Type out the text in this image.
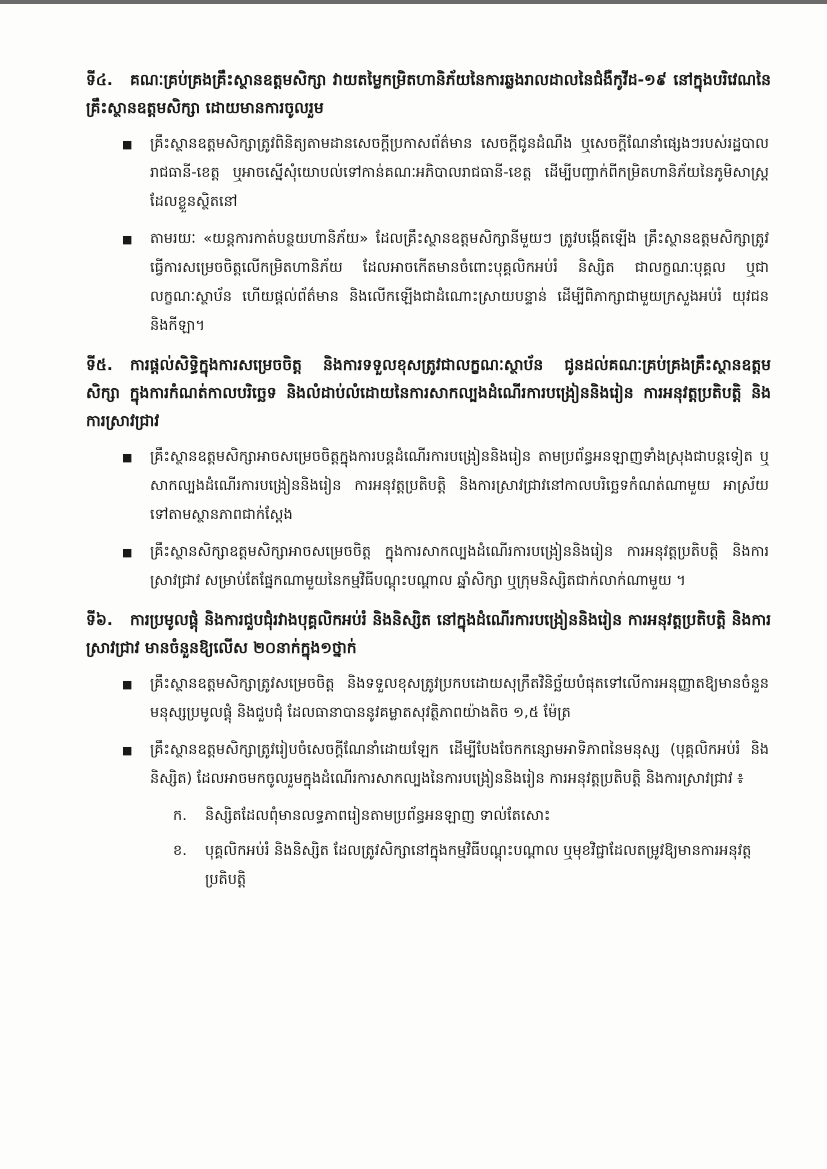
ទី៤. គណៈគ្រប់គ្រងគ្រឹះស្ថានឧត្តមសិក្សា វាយតម្លៃកម្រិតហានិភ័យនៃការឆ្លងរាលដាលនៃជំងឺកូវីដ-១៩ នៅក្នុងបរិវេណនៃគ្រឹះស្ថានឧត្តមសិក្សា ដោយមានការចូលរួម
■ គ្រឹះស្ថានឧត្តមសិក្សាត្រូវពិនិត្យតាមដានសេចក្ដីប្រកាសព័ត៌មាន សេចក្ដីជូនដំណឹង ឬសេចក្ដីណែនាំផ្សេងៗរបស់រដ្ឋបាលរាជធានី-ខេត្ត ឬអាចស្នើសុំយោបល់ទៅកាន់គណៈអភិបាលរាជធានី-ខេត្ត ដើម្បីបញ្ជាក់ពីកម្រិតហានិភ័យនៃភូមិសាស្ត្រ ដែលខ្លួនស្ថិតនៅ
■ តាមរយៈ «យន្តការកាត់បន្ថយហានិភ័យ» ដែលគ្រឹះស្ថានឧត្តមសិក្សានីមួយៗ ត្រូវបង្កើតឡើង គ្រឹះស្ថានឧត្តមសិក្សាត្រូវធ្វើការសម្រេចចិត្តលើកម្រិតហានិភ័យ ដែលអាចកើតមានចំពោះបុគ្គលិកអប់រំ និស្សិត ជាលក្ខណៈបុគ្គល ឬជាលក្ខណៈស្ថាប័ន ហើយផ្ដល់ព័ត៌មាន និងលើកឡើងជាដំណោះស្រាយបន្ទាន់ ដើម្បីពិភាក្សាជាមួយក្រសួងអប់រំ យុវជន និងកីឡា។
ទី៥. ការផ្ដល់សិទ្ធិក្នុងការសម្រេចចិត្ត និងការទទួលខុសត្រូវជាលក្ខណៈស្ថាប័ន ជូនដល់គណៈគ្រប់គ្រងគ្រឹះស្ថានឧត្តមសិក្សា ក្នុងការកំណត់កាលបរិច្ឆេទ និងលំដាប់លំដោយនៃការសាកល្បងដំណើរការបង្រៀននិងរៀន ការអនុវត្តប្រតិបត្តិ និងការស្រាវជ្រាវ
■ គ្រឹះស្ថានឧត្តមសិក្សាអាចសម្រេចចិត្តក្នុងការបន្តដំណើរការបង្រៀននិងរៀន តាមប្រព័ន្ធអនឡាញទាំងស្រុងជាបន្តទៀត ឬសាកល្បងដំណើរការបង្រៀននិងរៀន ការអនុវត្តប្រតិបត្តិ និងការស្រាវជ្រាវនៅកាលបរិច្ឆេទកំណត់ណាមួយ អាស្រ័យទៅតាមស្ថានភាពជាក់ស្ដែង
■ គ្រឹះស្ថានសិក្សាឧត្តមសិក្សាអាចសម្រេចចិត្ត ក្នុងការសាកល្បងដំណើរការបង្រៀននិងរៀន ការអនុវត្តប្រតិបត្តិ និងការស្រាវជ្រាវ សម្រាប់តែផ្នែកណាមួយនៃកម្មវិធីបណ្ដុះបណ្ដាល ឆ្នាំសិក្សា ឬក្រុមនិស្សិតជាក់លាក់ណាមួយ ។
ទី៦. ការប្រមូលផ្ដុំ និងការជួបជុំរវាងបុគ្គលិកអប់រំ និងនិស្សិត នៅក្នុងដំណើរការបង្រៀននិងរៀន ការអនុវត្តប្រតិបត្តិ និងការស្រាវជ្រាវ មានចំនួនឱ្យលើស ២០នាក់ក្នុង១ថ្នាក់
■ គ្រឹះស្ថានឧត្តមសិក្សាត្រូវសម្រេចចិត្ត និងទទួលខុសត្រូវប្រកបដោយសុក្រឹតវិនិច្ឆ័យបំផុតទៅលើការអនុញ្ញាតឱ្យមានចំនួនមនុស្សប្រមូលផ្ដុំ និងជួបជុំ ដែលធានាបាននូវគម្លាតសុវត្ថិភាពយ៉ាងតិច ១,៥ ម៉ែត្រ
■ គ្រឹះស្ថានឧត្តមសិក្សាត្រូវរៀបចំសេចក្ដីណែនាំដោយឡែក ដើម្បីបែងចែកកន្សោមអាទិភាពនៃមនុស្ស (បុគ្គលិកអប់រំ និងនិស្សិត) ដែលអាចមកចូលរួមក្នុងដំណើរការសាកល្បងនៃការបង្រៀននិងរៀន ការអនុវត្តប្រតិបត្តិ និងការស្រាវជ្រាវ ៖
ក. និស្សិតដែលពុំមានលទ្ធភាពរៀនតាមប្រព័ន្ធអនឡាញ ទាល់តែសោះ
ខ. បុគ្គលិកអប់រំ និងនិស្សិត ដែលត្រូវសិក្សានៅក្នុងកម្មវិធីបណ្ដុះបណ្ដាល ឬមុខវិជ្ជាដែលតម្រូវឱ្យមានការអនុវត្តប្រតិបត្តិ
